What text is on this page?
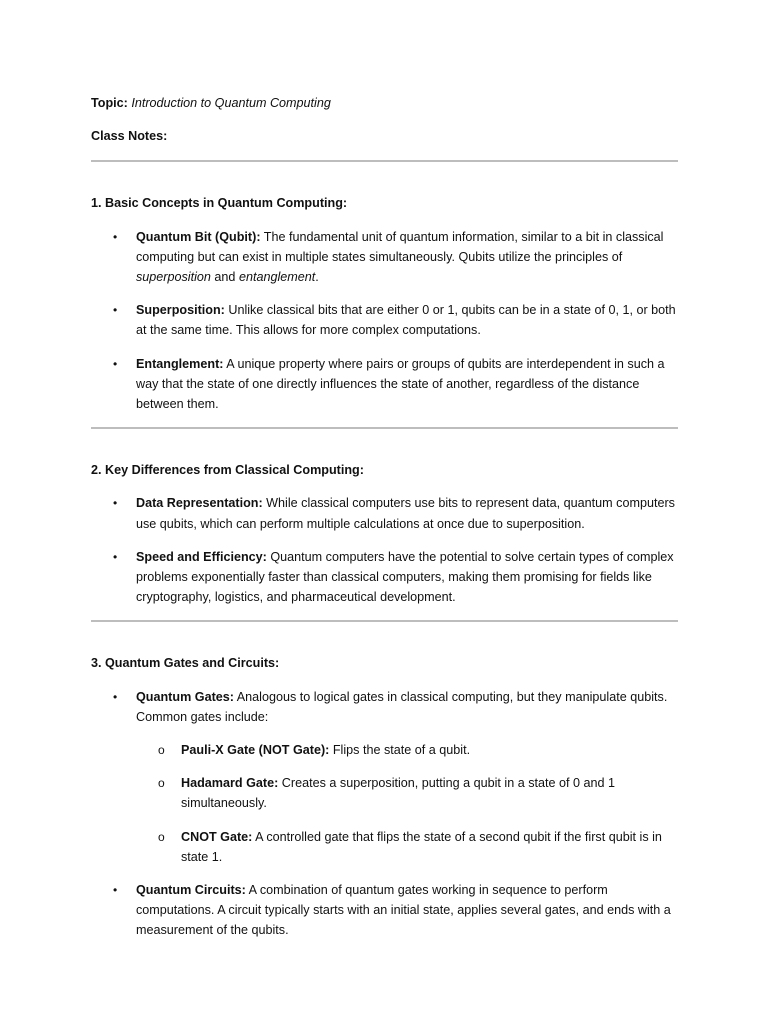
Topic: Introduction to Quantum Computing

Class Notes:

1. Basic Concepts in Quantum Computing:

• Quantum Bit (Qubit): The fundamental unit of quantum information, similar to a bit in classical computing but can exist in multiple states simultaneously. Qubits utilize the principles of superposition and entanglement.
• Superposition: Unlike classical bits that are either 0 or 1, qubits can be in a state of 0, 1, or both at the same time. This allows for more complex computations.
• Entanglement: A unique property where pairs or groups of qubits are interdependent in such a way that the state of one directly influences the state of another, regardless of the distance between them.

2. Key Differences from Classical Computing:

• Data Representation: While classical computers use bits to represent data, quantum computers use qubits, which can perform multiple calculations at once due to superposition.
• Speed and Efficiency: Quantum computers have the potential to solve certain types of complex problems exponentially faster than classical computers, making them promising for fields like cryptography, logistics, and pharmaceutical development.

3. Quantum Gates and Circuits:

• Quantum Gates: Analogous to logical gates in classical computing, but they manipulate qubits. Common gates include:
o Pauli-X Gate (NOT Gate): Flips the state of a qubit.
o Hadamard Gate: Creates a superposition, putting a qubit in a state of 0 and 1 simultaneously.
o CNOT Gate: A controlled gate that flips the state of a second qubit if the first qubit is in state 1.
• Quantum Circuits: A combination of quantum gates working in sequence to perform computations. A circuit typically starts with an initial state, applies several gates, and ends with a measurement of the qubits.
